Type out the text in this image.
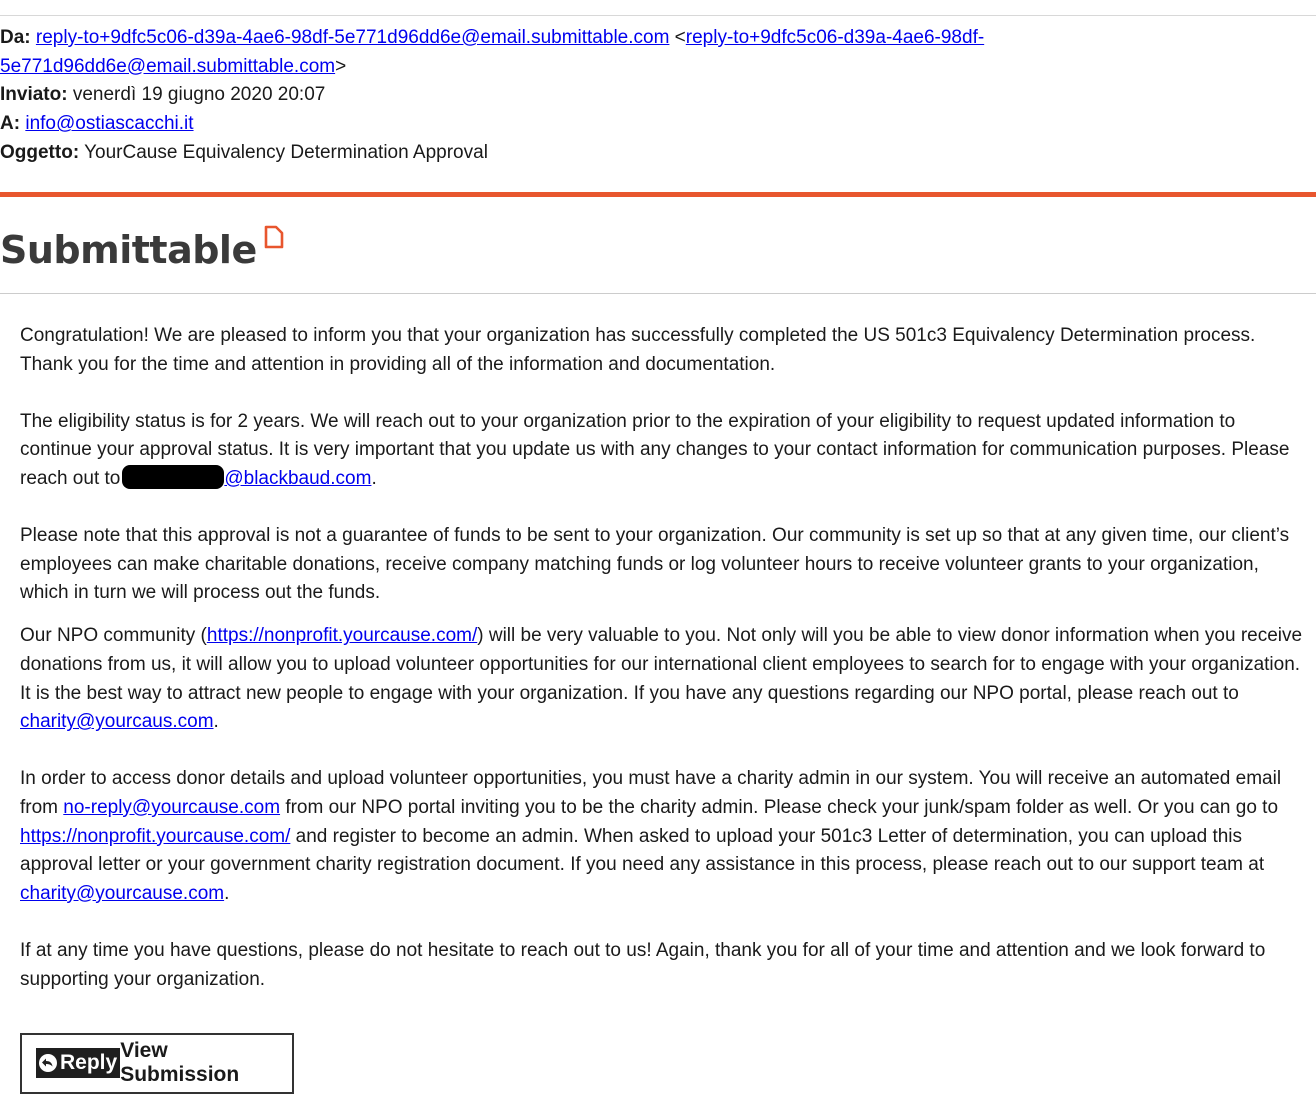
Da: reply-to+9dfc5c06-d39a-4ae6-98df-5e771d96dd6e@email.submittable.com <reply-to+9dfc5c06-d39a-4ae6-98df-
5e771d96dd6e@email.submittable.com>
Inviato: venerdì 19 giugno 2020 20:07
A: info@ostiascacchi.it
Oggetto: YourCause Equivalency Determination Approval
Submittable

Congratulation! We are pleased to inform you that your organization has successfully completed the US 501c3 Equivalency Determination process. Thank you for the time and attention in providing all of the information and documentation.

The eligibility status is for 2 years. We will reach out to your organization prior to the expiration of your eligibility to request updated information to continue your approval status. It is very important that you update us with any changes to your contact information for communication purposes. Please reach out to	@blackbaud.com.

Please note that this approval is not a guarantee of funds to be sent to your organization. Our community is set up so that at any given time, our client’s employees can make charitable donations, receive company matching funds or log volunteer hours to receive volunteer grants to your organization, which in turn we will process out the funds.

Our NPO community (https://nonprofit.yourcause.com/) will be very valuable to you. Not only will you be able to view donor information when you receive donations from us, it will allow you to upload volunteer opportunities for our international client employees to search for to engage with your organization. It is the best way to attract new people to engage with your organization. If you have any questions regarding our NPO portal, please reach out to charity@yourcaus.com.

In order to access donor details and upload volunteer opportunities, you must have a charity admin in our system. You will receive an automated email from no-reply@yourcause.com from our NPO portal inviting you to be the charity admin. Please check your junk/spam folder as well. Or you can go to https://nonprofit.yourcause.com/ and register to become an admin. When asked to upload your 501c3 Letter of determination, you can upload this approval letter or your government charity registration document. If you need any assistance in this process, please reach out to our support team at charity@yourcause.com.

If at any time you have questions, please do not hesitate to reach out to us! Again, thank you for all of your time and attention and we look forward to supporting your organization.

Reply
View Submission
